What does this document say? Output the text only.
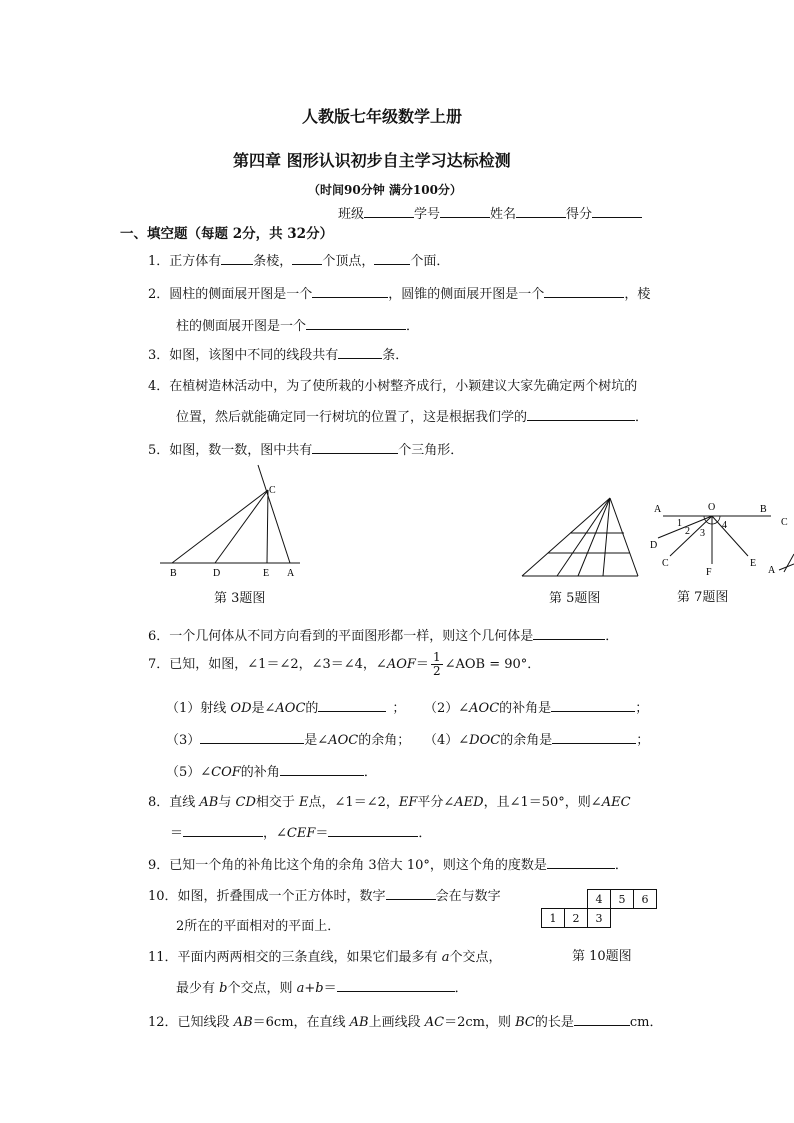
人教版七年级数学上册
第四章 图形认识初步自主学习达标检测
（时间90分钟 满分100分）
班级	学号	姓名	得分
一、填空题（每题 2分，共 32分）
1．正方体有 条棱， 个顶点，	个面．
2．圆柱的侧面展开图是一个	，圆锥的侧面展开图是一个	，棱
柱的侧面展开图是一个	．
3．如图，该图中不同的线段共有	条．
4．在植树造林活动中，为了使所栽的小树整齐成行，小颖建议大家先确定两个树坑的
位置，然后就能确定同一行树坑的位置了，这是根据我们学的	．
5．如图，数一数，图中共有	个三角形．
B	D	E A
C
第 3题图	第 5题图
A	O	B
1
2 3
4
D
C
F
E
第 7题图
C
A
6．一个几何体从不同方向看到的平面图形都一样，则这个几何体是	．
7．已知，如图，∠1＝∠2，∠3＝∠4，∠AOF＝ $\frac{1}{2}$ ∠AOB = 90°．
（1）射线 OD是∠AOC的	； （2）∠AOC的补角是	；
（3）	是∠AOC的余角； （4）∠DOC的余角是	；
（5）∠COF的补角	．
8．直线 AB与 CD相交于 E点，∠1＝∠2，EF平分∠AED，且∠1＝50°，则∠AEC
＝	，∠CEF＝	．
9．已知一个角的补角比这个角的余角 3倍大 10°，则这个角的度数是	．
10．如图，折叠围成一个正方体时，数字	会在与数字
2所在的平面相对的平面上．
		4	5	6
1	2	3		
第 10题图
11．平面内两两相交的三条直线，如果它们最多有 a个交点，
最少有 b个交点，则 a+b＝	．
12．已知线段 AB＝6cm，在直线 AB上画线段 AC＝2cm，则 BC的长是	cm．
